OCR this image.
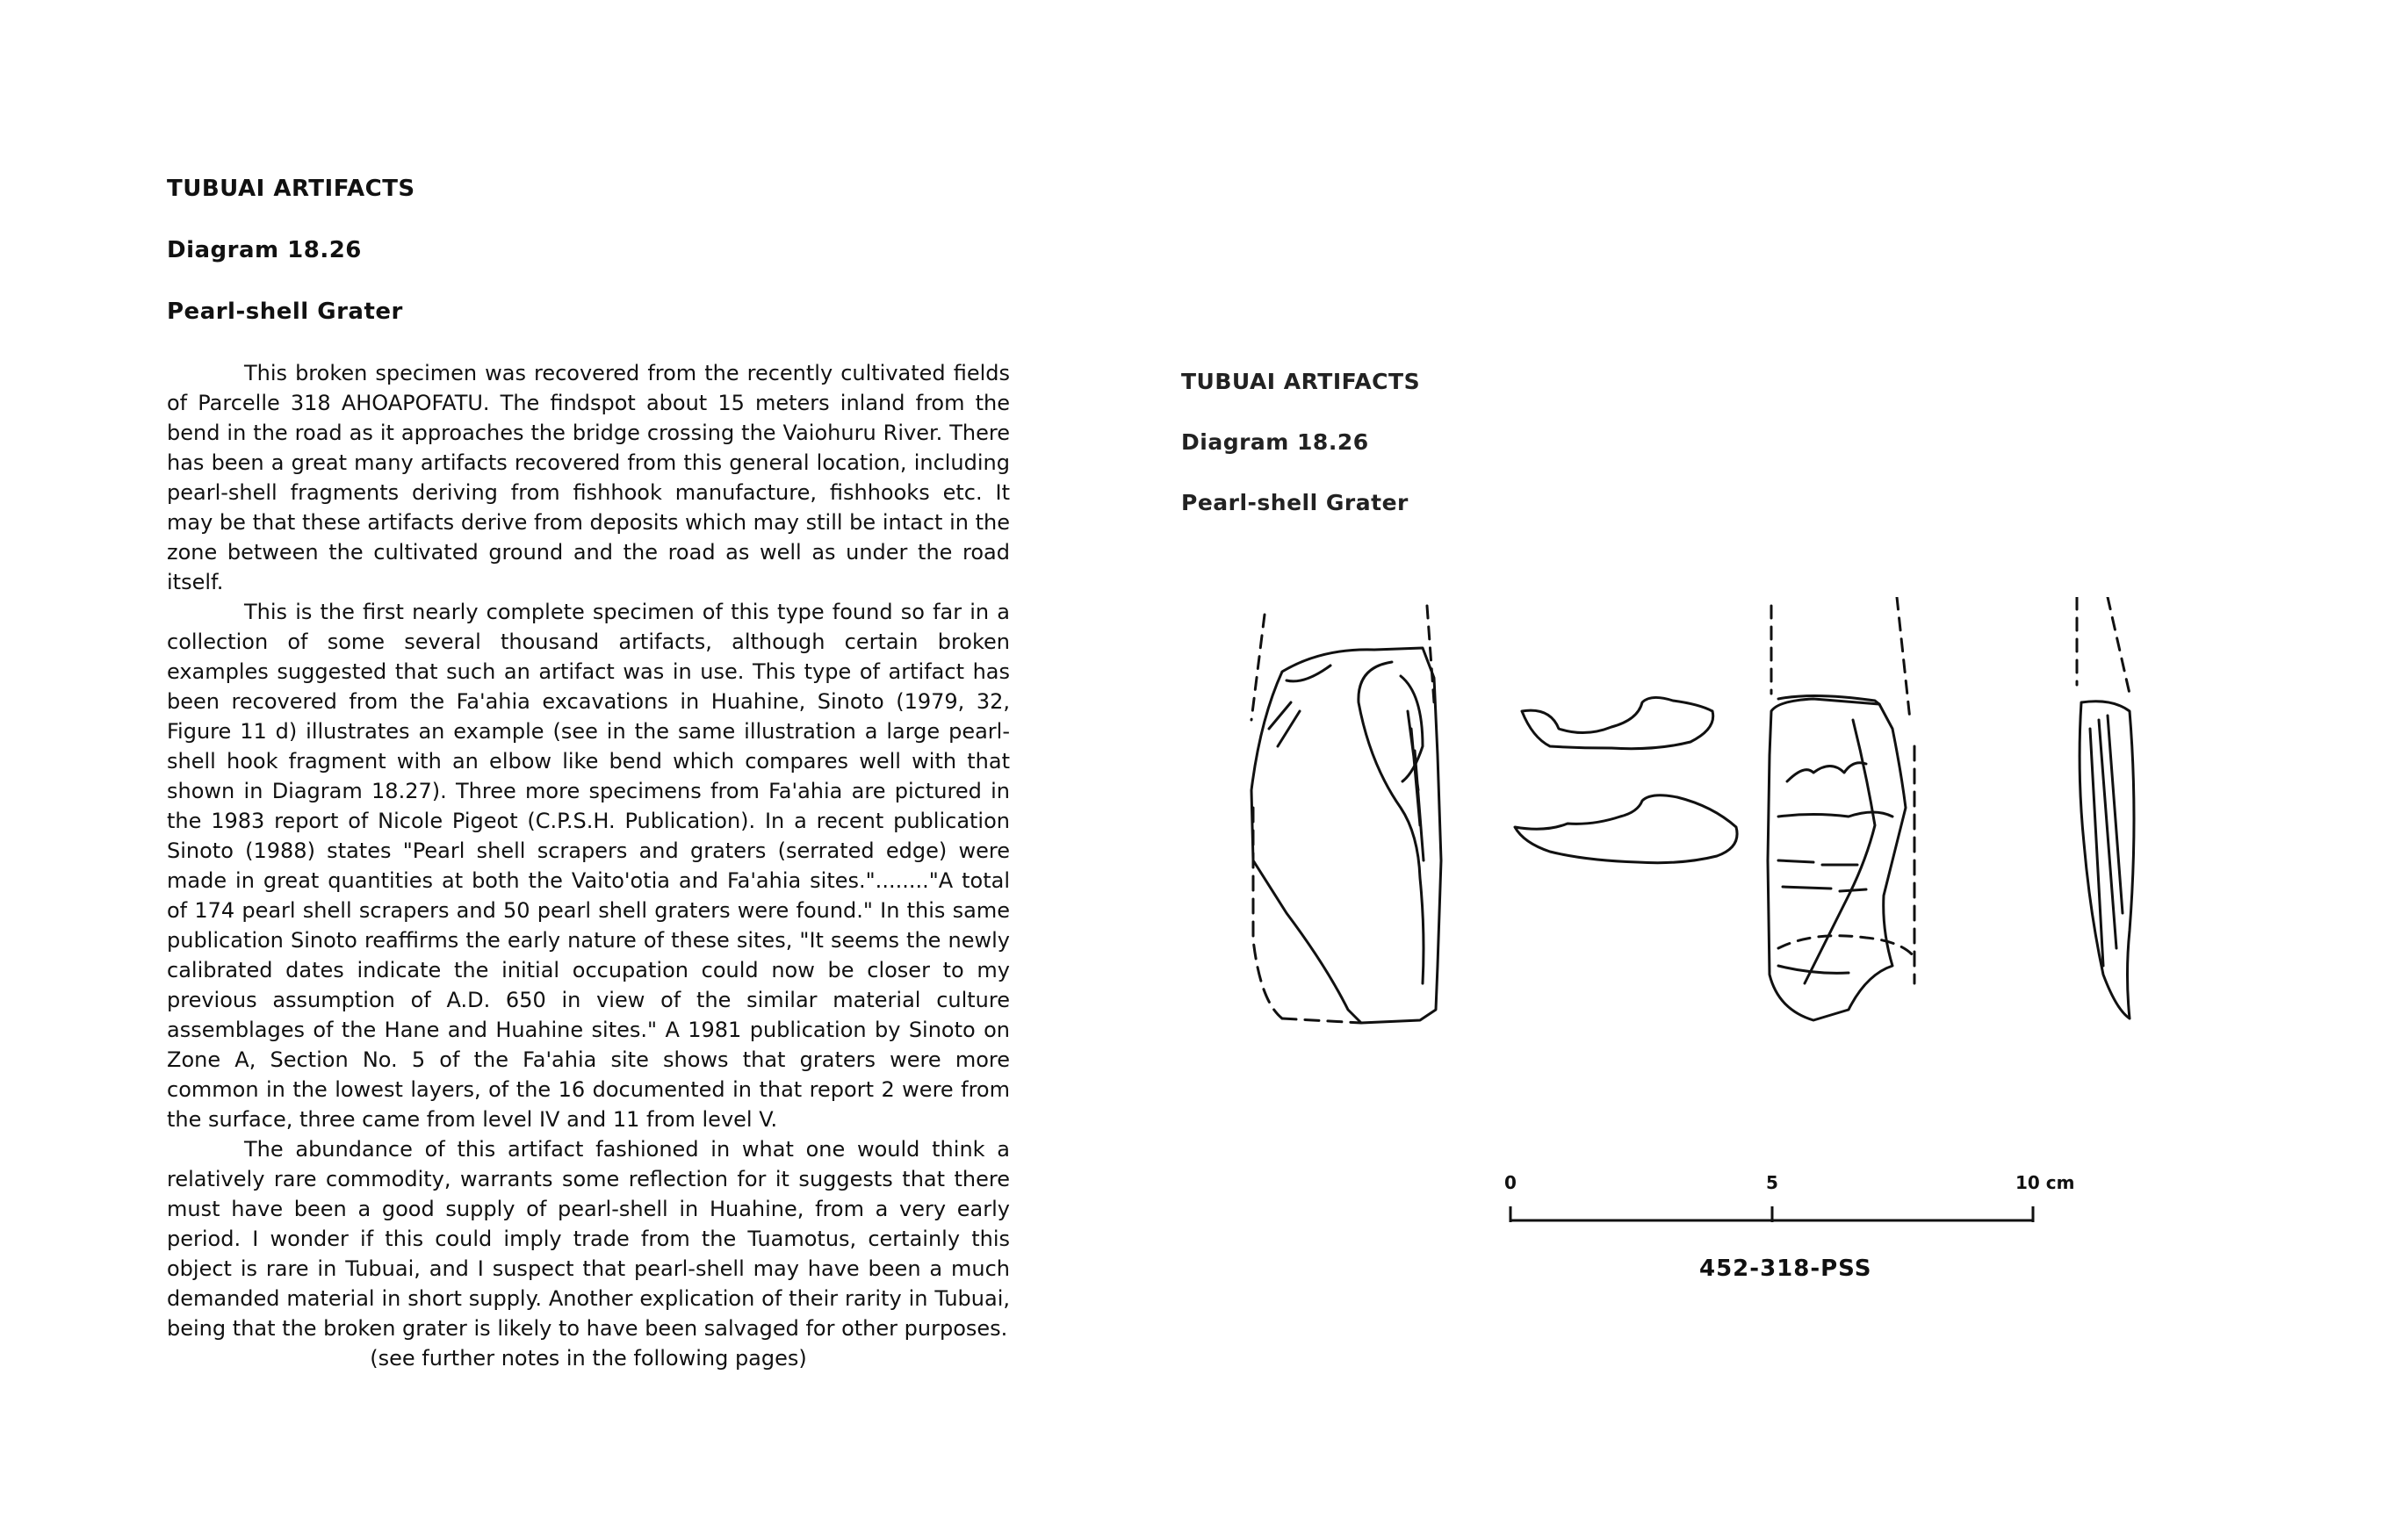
TUBUAI ARTIFACTS
Diagram 18.26
Pearl-shell Grater

This broken specimen was recovered from the recently cultivated fields of Parcelle 318 AHOAPOFATU. The findspot about 15 meters inland from the bend in the road as it approaches the bridge crossing the Vaiohuru River. There has been a great many artifacts recovered from this general location, including pearl-shell fragments deriving from fishhook manufacture, fishhooks etc. It may be that these artifacts derive from deposits which may still be intact in the zone between the cultivated ground and the road as well as under the road itself.

This is the first nearly complete specimen of this type found so far in a collection of some several thousand artifacts, although certain broken examples suggested that such an artifact was in use. This type of artifact has been recovered from the Fa'ahia excavations in Huahine, Sinoto (1979, 32, Figure 11 d) illustrates an example (see in the same illustration a large pearl-shell hook fragment with an elbow like bend which compares well with that shown in Diagram 18.27). Three more specimens from Fa'ahia are pictured in the 1983 report of Nicole Pigeot (C.P.S.H. Publication). In a recent publication Sinoto (1988) states "Pearl shell scrapers and graters (serrated edge) were made in great quantities at both the Vaito'otia and Fa'ahia sites."........"A total of 174 pearl shell scrapers and 50 pearl shell graters were found." In this same publication Sinoto reaffirms the early nature of these sites, "It seems the newly calibrated dates indicate the initial occupation could now be closer to my previous assumption of A.D. 650 in view of the similar material culture assemblages of the Hane and Huahine sites." A 1981 publication by Sinoto on Zone A, Section No. 5 of the Fa'ahia site shows that graters were more common in the lowest layers, of the 16 documented in that report 2 were from the surface, three came from level IV and 11 from level V.

The abundance of this artifact fashioned in what one would think a relatively rare commodity, warrants some reflection for it suggests that there must have been a good supply of pearl-shell in Huahine, from a very early period. I wonder if this could imply trade from the Tuamotus, certainly this object is rare in Tubuai, and I suspect that pearl-shell may have been a much demanded material in short supply. Another explication of their rarity in Tubuai, being that the broken grater is likely to have been salvaged for other purposes.

(see further notes in the following pages)

TUBUAI ARTIFACTS
Diagram 18.26
Pearl-shell Grater
0	5	10 cm
452-318-PSS
